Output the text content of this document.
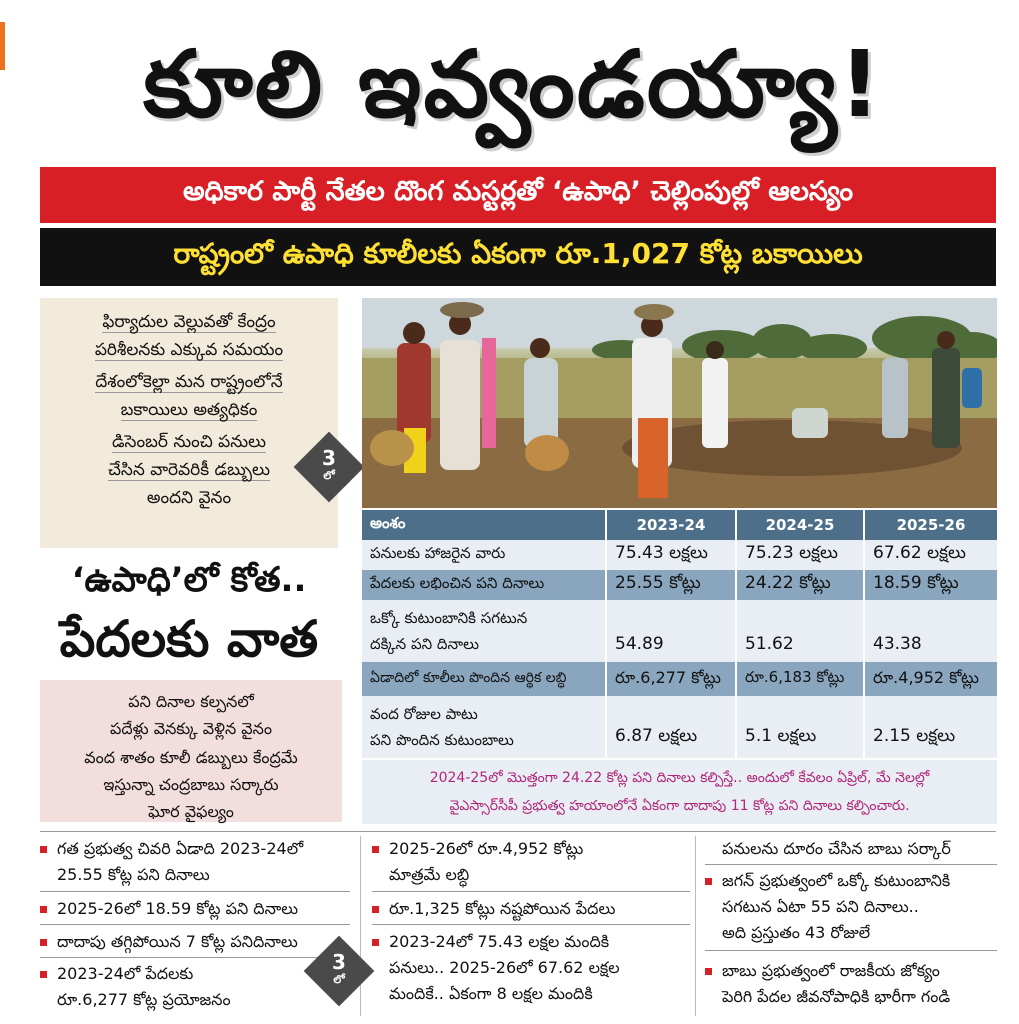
కూలి ఇవ్వండయ్యా!
అధికార పార్టీ నేతల దొంగ మస్టర్లతో ‘ఉపాధి’ చెల్లింపుల్లో ఆలస్యం
రాష్ట్రంలో ఉపాధి కూలీలకు ఏకంగా రూ.1,027 కోట్ల బకాయిలు
ఫిర్యాదుల వెల్లువతో కేంద్రం
పరిశీలనకు ఎక్కువ సమయం
దేశంలోకెల్లా మన రాష్ట్రంలోనే
బకాయిలు అత్యధికం
డిసెంబర్ నుంచి పనులు
చేసిన వారెవరికీ డబ్బులు
అందని వైనం
3
లో
అంశం	2023-24	2024-25	2025-26
పనులకు హాజరైన వారు	75.43 లక్షలు	75.23 లక్షలు	67.62 లక్షలు
పేదలకు లభించిన పని దినాలు	25.55 కోట్లు	24.22 కోట్లు	18.59 కోట్లు
ఒక్కో కుటుంబానికి సగటున
దక్కిన పని దినాలు	54.89	51.62	43.38
ఏడాదిలో కూలీలు పొందిన ఆర్థిక లబ్ధి	రూ.6,277 కోట్లు	రూ.6,183 కోట్లు	రూ.4,952 కోట్లు
వంద రోజుల పాటు
పని పొందిన కుటుంబాలు	6.87 లక్షలు	5.1 లక్షలు	2.15 లక్షలు
2024-25లో మొత్తంగా 24.22 కోట్ల పని దినాలు కల్పిస్తే.. అందులో కేవలం ఏప్రిల్, మే నెలల్లో
వైఎస్సార్‌సీపీ ప్రభుత్వ హయాంలోనే ఏకంగా దాదాపు 11 కోట్ల పని దినాలు కల్పించారు.
‘ఉపాధి’లో కోత..
పేదలకు వాత
పని దినాల కల్పనలో
పదేళ్లు వెనక్కు వెళ్లిన వైనం
వంద శాతం కూలీ డబ్బులు కేంద్రమే
ఇస్తున్నా చంద్రబాబు సర్కారు
ఘోర వైఫల్యం
గత ప్రభుత్వ చివరి ఏడాది 2023-24లో
25.55 కోట్ల పని దినాలు
2025-26లో 18.59 కోట్ల పని దినాలు
దాదాపు తగ్గిపోయిన 7 కోట్ల పనిదినాలు
2023-24లో పేదలకు
రూ.6,277 కోట్ల ప్రయోజనం
3
లో
2025-26లో రూ.4,952 కోట్లు
మాత్రమే లబ్ధి
రూ.1,325 కోట్లు నష్టపోయిన పేదలు
2023-24లో 75.43 లక్షల మందికి
పనులు.. 2025-26లో 67.62 లక్షల
మందికే.. ఏకంగా 8 లక్షల మందికి
పనులను దూరం చేసిన బాబు సర్కార్
జగన్ ప్రభుత్వంలో ఒక్కో కుటుంబానికి
సగటున ఏటా 55 పని దినాలు..
అది ప్రస్తుతం 43 రోజులే
బాబు ప్రభుత్వంలో రాజకీయ జోక్యం
పెరిగి పేదల జీవనోపాధికి భారీగా గండి
